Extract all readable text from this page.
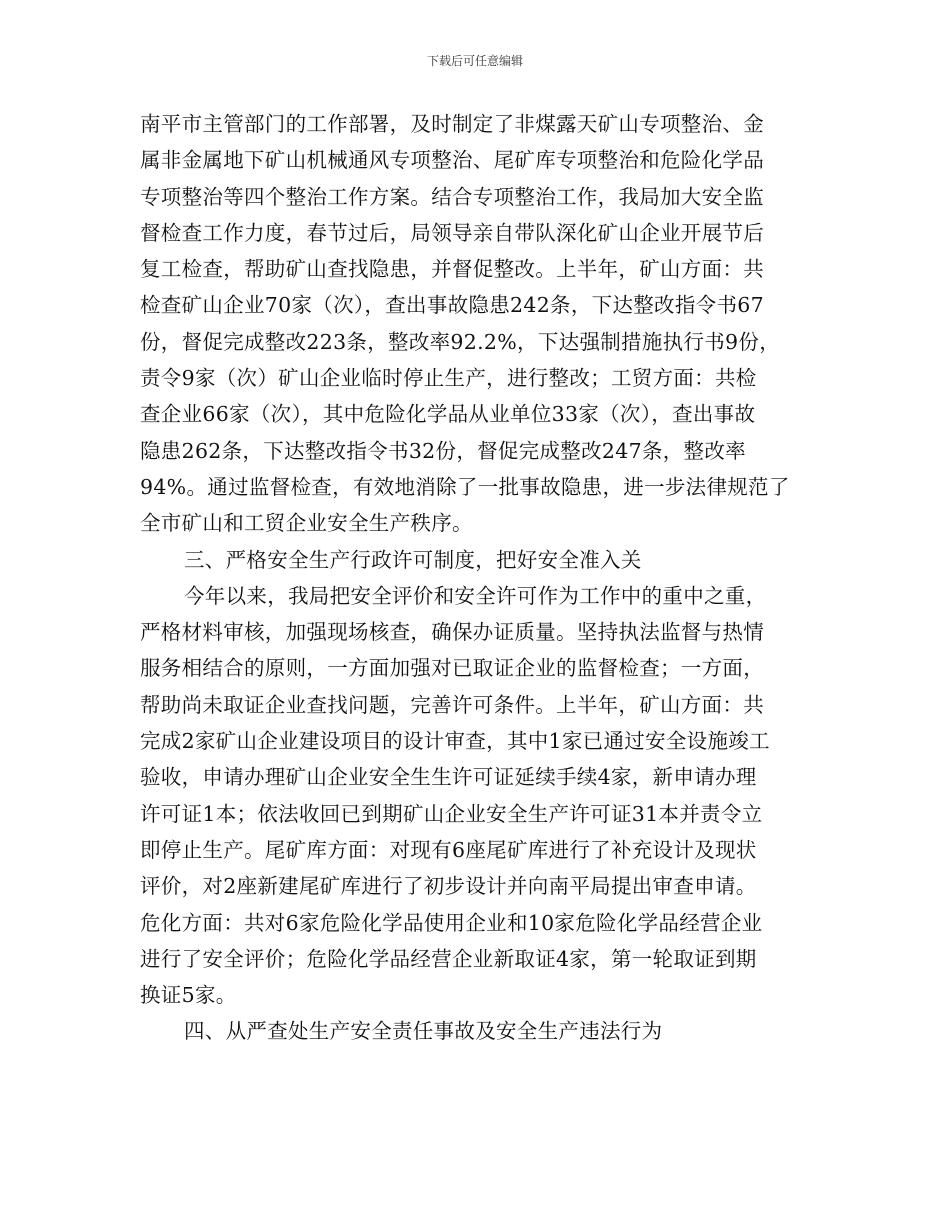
下载后可任意编辑
南平市主管部门的工作部署，及时制定了非煤露天矿山专项整治、金
属非金属地下矿山机械通风专项整治、尾矿库专项整治和危险化学品
专项整治等四个整治工作方案。结合专项整治工作，我局加大安全监
督检查工作力度，春节过后，局领导亲自带队深化矿山企业开展节后
复工检查，帮助矿山查找隐患，并督促整改。上半年，矿山方面：共
检查矿山企业70家（次），查出事故隐患242条，下达整改指令书67
份，督促完成整改223条，整改率92.2%，下达强制措施执行书9份，
责令9家（次）矿山企业临时停止生产，进行整改；工贸方面：共检
查企业66家（次），其中危险化学品从业单位33家（次），查出事故
隐患262条，下达整改指令书32份，督促完成整改247条，整改率
94%。通过监督检查，有效地消除了一批事故隐患，进一步法律规范了
全市矿山和工贸企业安全生产秩序。
三、严格安全生产行政许可制度，把好安全准入关
今年以来，我局把安全评价和安全许可作为工作中的重中之重，
严格材料审核，加强现场核查，确保办证质量。坚持执法监督与热情
服务相结合的原则，一方面加强对已取证企业的监督检查；一方面，
帮助尚未取证企业查找问题，完善许可条件。上半年，矿山方面：共
完成2家矿山企业建设项目的设计审查，其中1家已通过安全设施竣工
验收，申请办理矿山企业安全生生许可证延续手续4家，新申请办理
许可证1本；依法收回已到期矿山企业安全生产许可证31本并责令立
即停止生产。尾矿库方面：对现有6座尾矿库进行了补充设计及现状
评价，对2座新建尾矿库进行了初步设计并向南平局提出审查申请。
危化方面：共对6家危险化学品使用企业和10家危险化学品经营企业
进行了安全评价；危险化学品经营企业新取证4家，第一轮取证到期
换证5家。
四、从严查处生产安全责任事故及安全生产违法行为
